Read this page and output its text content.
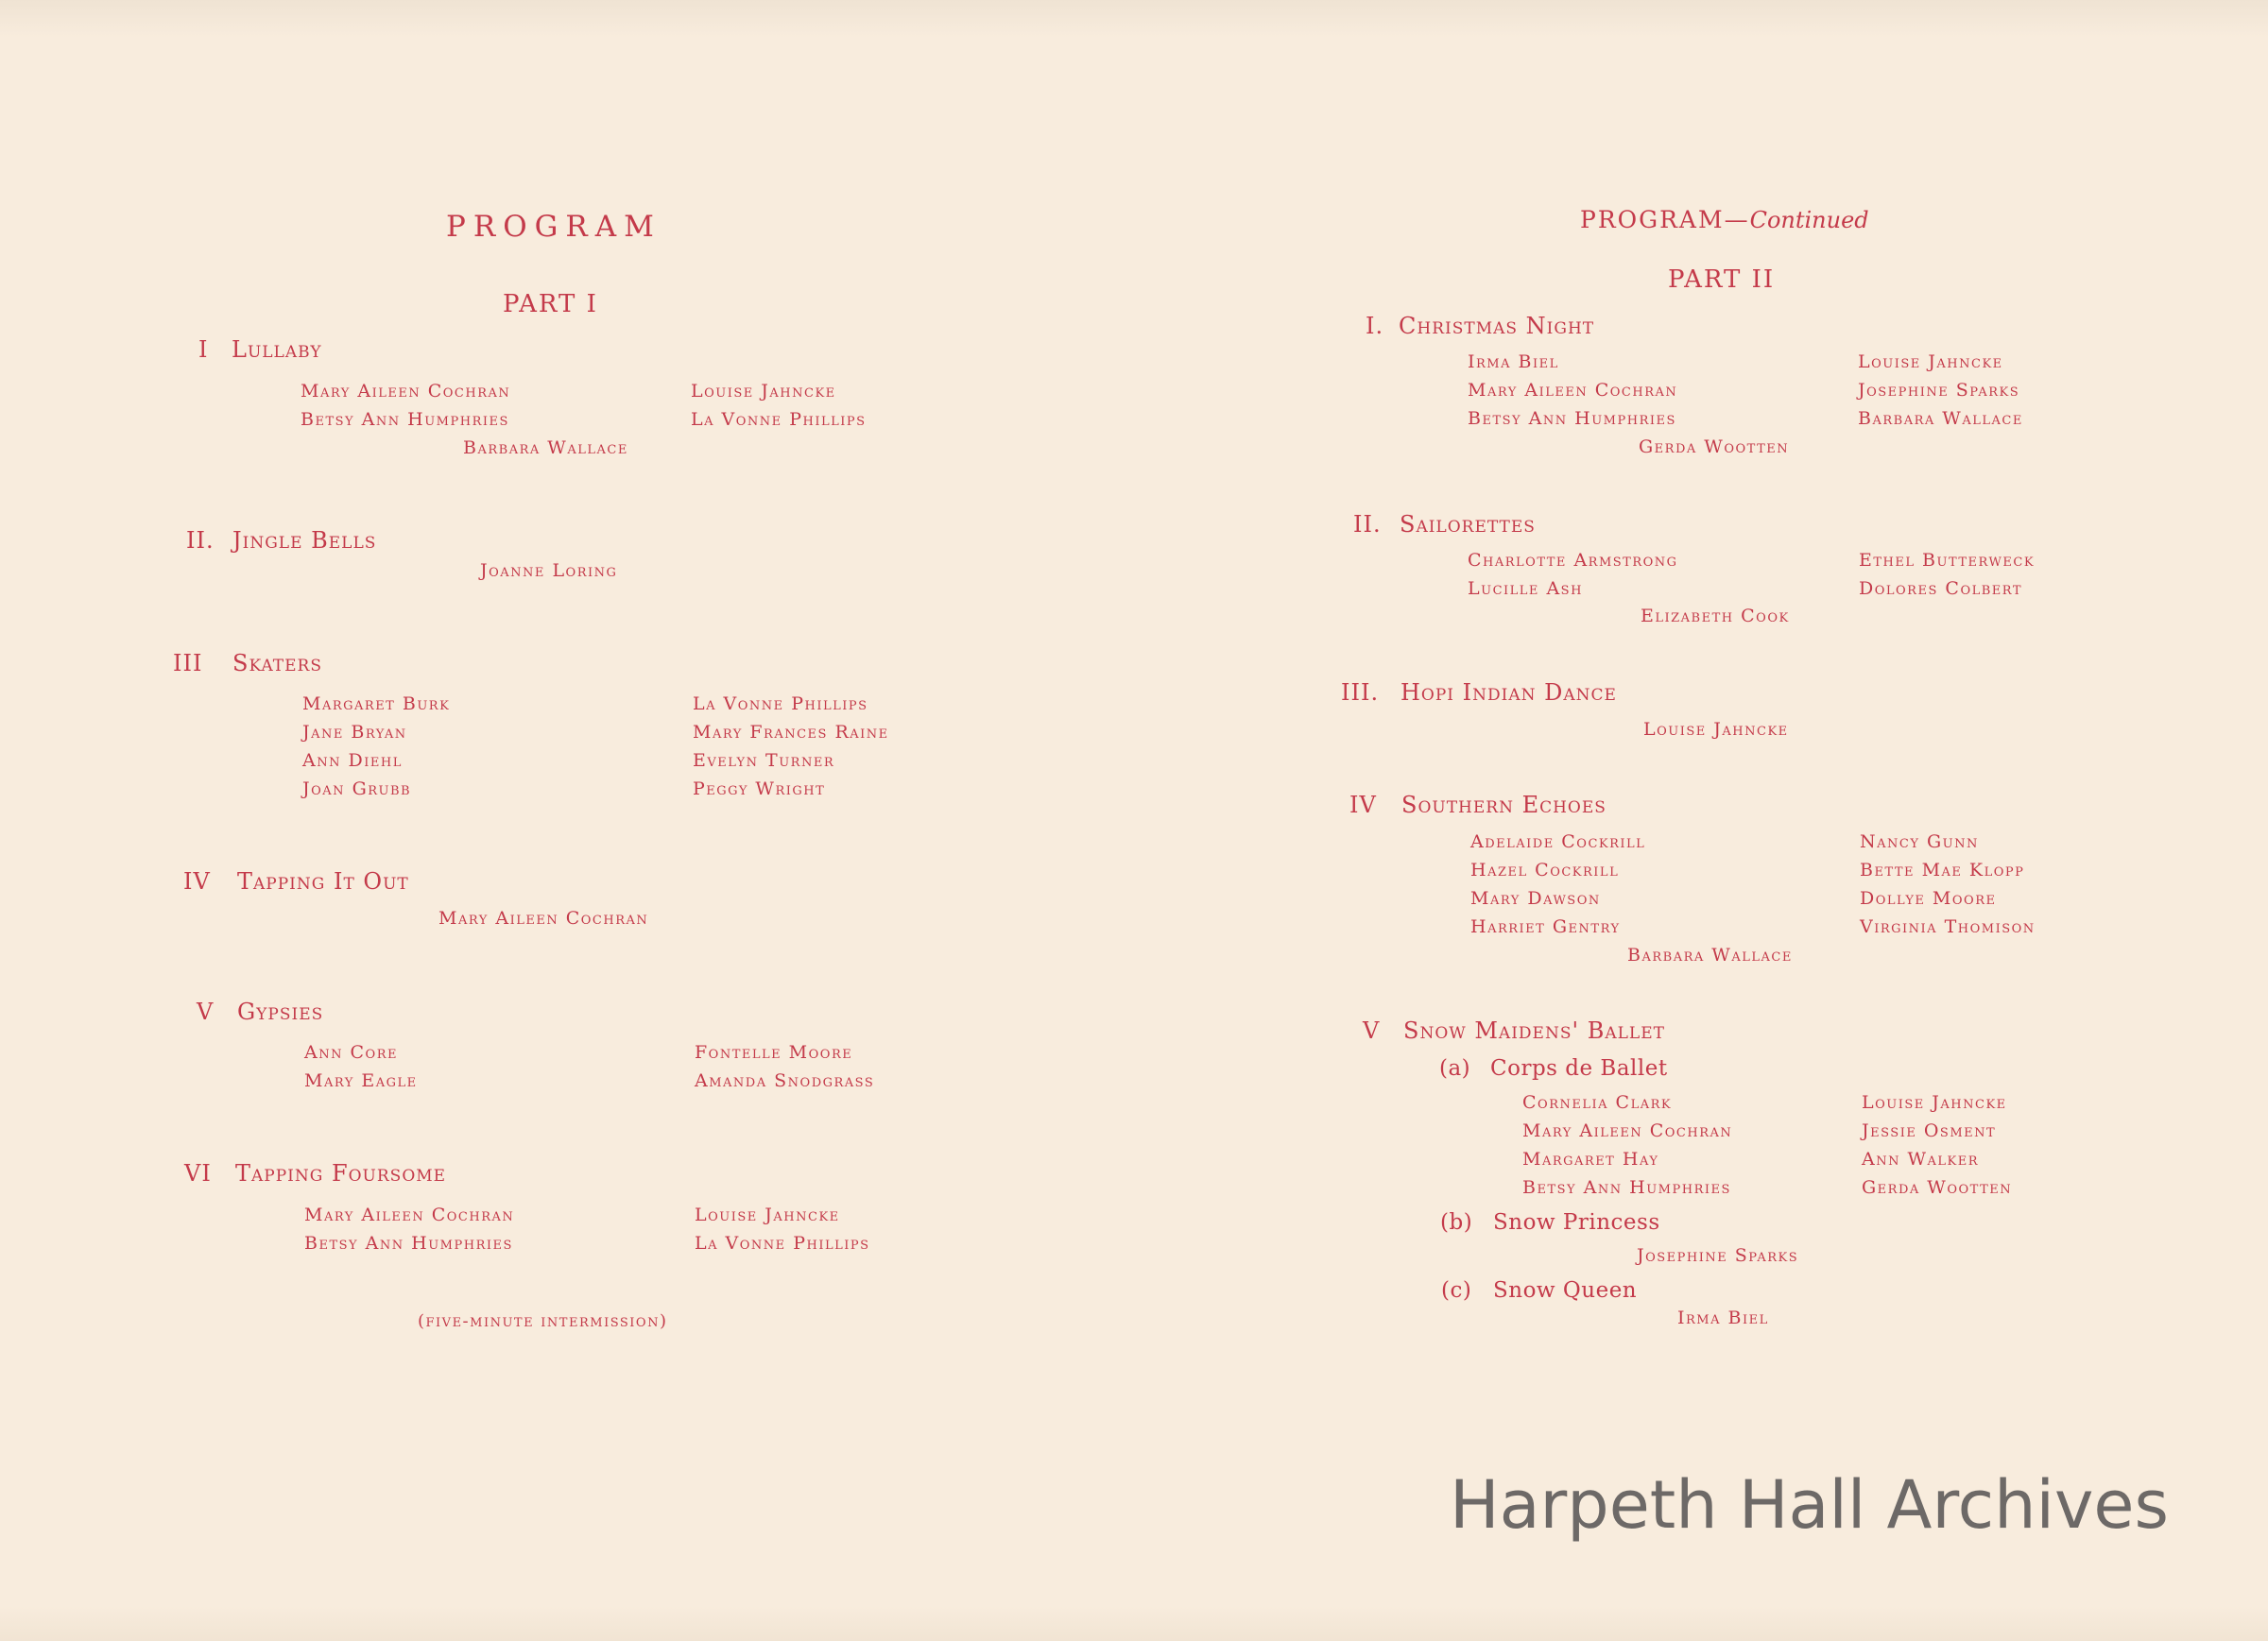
PROGRAM
PART I
I Lullaby
Mary Aileen Cochran
Betsy Ann Humphries
Louise Jahncke
La Vonne Phillips
Barbara Wallace
II. Jingle Bells
Joanne Loring
III Skaters
Margaret Burk
Jane Bryan
Ann Diehl
Joan Grubb
La Vonne Phillips
Mary Frances Raine
Evelyn Turner
Peggy Wright
IV Tapping It Out
Mary Aileen Cochran
V Gypsies
Ann Core
Mary Eagle
Fontelle Moore
Amanda Snodgrass
VI Tapping Foursome
Mary Aileen Cochran
Betsy Ann Humphries
Louise Jahncke
La Vonne Phillips
(five-minute intermission)
PROGRAM—Continued
PART II
I. Christmas Night
Irma Biel
Mary Aileen Cochran
Betsy Ann Humphries
Louise Jahncke
Josephine Sparks
Barbara Wallace
Gerda Wootten
II. Sailorettes
Charlotte Armstrong
Lucille Ash
Ethel Butterweck
Dolores Colbert
Elizabeth Cook
III. Hopi Indian Dance
Louise Jahncke
IV Southern Echoes
Adelaide Cockrill
Hazel Cockrill
Mary Dawson
Harriet Gentry
Nancy Gunn
Bette Mae Klopp
Dollye Moore
Virginia Thomison
Barbara Wallace
V Snow Maidens' Ballet
(a) Corps de Ballet
Cornelia Clark
Mary Aileen Cochran
Margaret Hay
Betsy Ann Humphries
Louise Jahncke
Jessie Osment
Ann Walker
Gerda Wootten
(b) Snow Princess
Josephine Sparks
(c) Snow Queen
Irma Biel
Harpeth Hall Archives
